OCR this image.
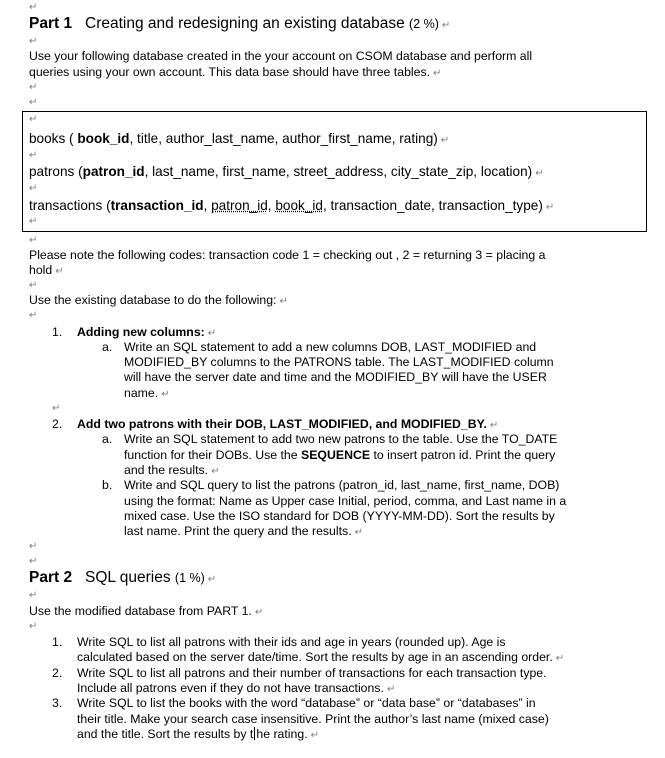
↵
Part 1 Creating and redesigning an existing database (2 %) ↵
↵
Use your following database created in the your account on CSOM database and perform all
queries using your own account. This data base should have three tables. ↵
↵
↵
↵
books ( book_id, title, author_last_name, author_first_name, rating) ↵
↵
patrons (patron_id, last_name, first_name, street_address, city_state_zip, location) ↵
↵
transactions (transaction_id, patron_id, book_id, transaction_date, transaction_type) ↵
↵
↵
Please note the following codes: transaction code 1 = checking out , 2 = returning 3 = placing a
hold ↵
↵
Use the existing database to do the following: ↵
↵
1. Adding new columns: ↵
a. Write an SQL statement to add a new columns DOB, LAST_MODIFIED and
MODIFIED_BY columns to the PATRONS table. The LAST_MODIFIED column
will have the server date and time and the MODIFIED_BY will have the USER
name. ↵
↵
2. Add two patrons with their DOB, LAST_MODIFIED, and MODIFIED_BY. ↵
a. Write an SQL statement to add two new patrons to the table. Use the TO_DATE
function for their DOBs. Use the SEQUENCE to insert patron id. Print the query
and the results. ↵
b. Write and SQL query to list the patrons (patron_id, last_name, first_name, DOB)
using the format: Name as Upper case Initial, period, comma, and Last name in a
mixed case. Use the ISO standard for DOB (YYYY-MM-DD). Sort the results by
last name. Print the query and the results. ↵
↵
↵
Part 2 SQL queries (1 %) ↵
↵
Use the modified database from PART 1. ↵
↵
1. Write SQL to list all patrons with their ids and age in years (rounded up). Age is
calculated based on the server date/time. Sort the results by age in an ascending order. ↵
2. Write SQL to list all patrons and their number of transactions for each transaction type.
Include all patrons even if they do not have transactions. ↵
3. Write SQL to list the books with the word “database” or “data base” or “databases” in
their title. Make your search case insensitive. Print the author’s last name (mixed case)
and the title. Sort the results by t he rating. ↵
